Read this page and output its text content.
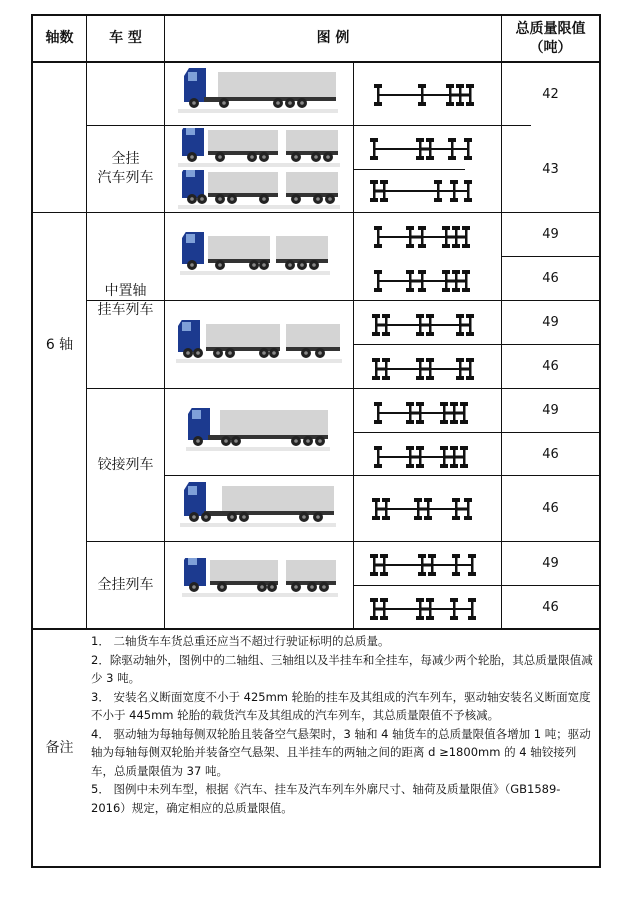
轴数	车 型	图 例
总质量限值
（吨）
6 轴
全挂
汽车列车
中置轴
挂车列车
铰接列车
全挂列车
42
43
49
46
49
46
49
46
46
49
46
备注
1． 二轴货车车货总重还应当不超过行驶证标明的总质量。
2．除驱动轴外，图例中的二轴组、三轴组以及半挂车和全挂车，每减少两个轮胎，其总质量限值减少 3 吨。
3． 安装名义断面宽度不小于 425mm 轮胎的挂车及其组成的汽车列车，驱动轴安装名义断面宽度不小于 445mm 轮胎的载货汽车及其组成的汽车列车，其总质量限值不予核减。
4． 驱动轴为每轴每侧双轮胎且装备空气悬架时，3 轴和 4 轴货车的总质量限值各增加 1 吨；驱动轴为每轴每侧双轮胎并装备空气悬架、且半挂车的两轴之间的距离 d ≥1800mm 的 4 轴铰接列车，总质量限值为 37 吨。
5． 图例中未列车型，根据《汽车、挂车及汽车列车外廓尺寸、轴荷及质量限值》（GB1589-2016）规定，确定相应的总质量限值。
